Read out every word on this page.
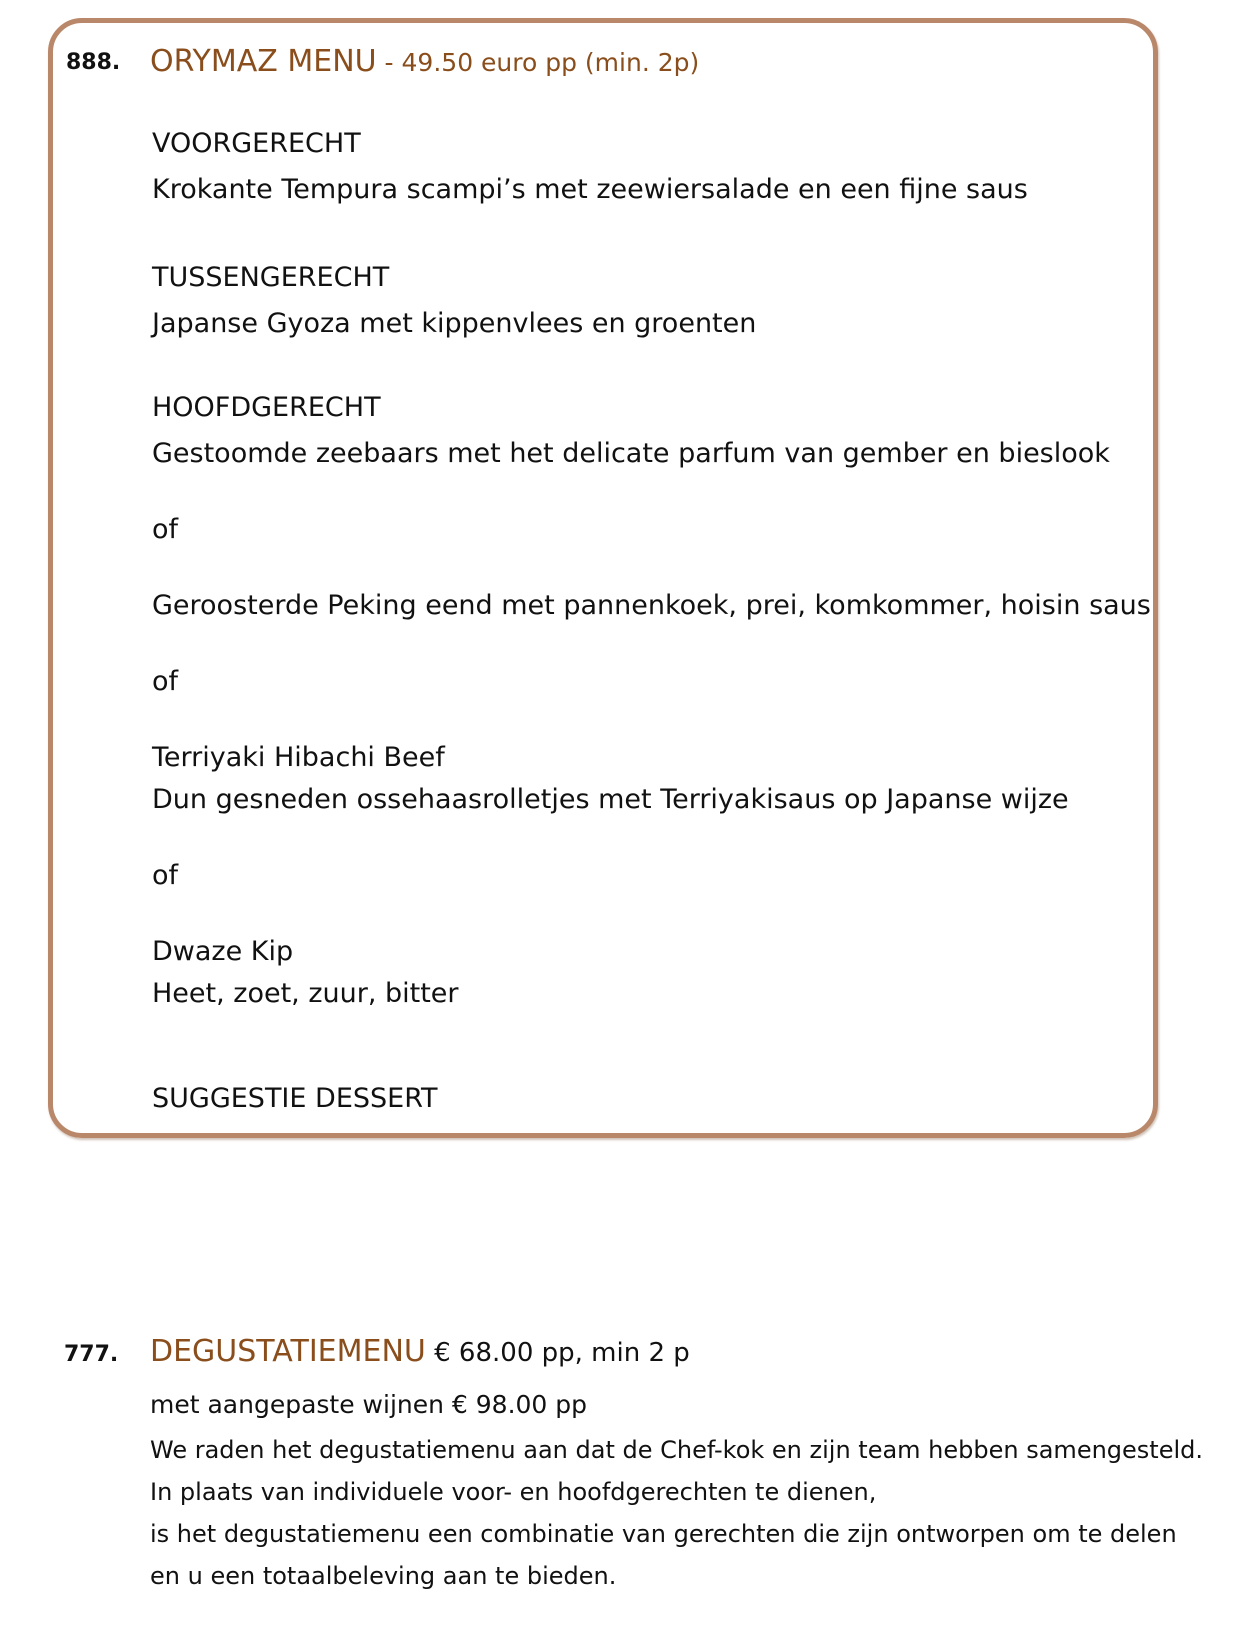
888. ORYMAZ MENU - 49.50 euro pp (min. 2p)
VOORGERECHT
Krokante Tempura scampi’s met zeewiersalade en een fijne saus
TUSSENGERECHT
Japanse Gyoza met kippenvlees en groenten
HOOFDGERECHT
Gestoomde zeebaars met het delicate parfum van gember en bieslook
of
Geroosterde Peking eend met pannenkoek, prei, komkommer, hoisin saus
of
Terriyaki Hibachi Beef
Dun gesneden ossehaasrolletjes met Terriyakisaus op Japanse wijze
of
Dwaze Kip
Heet, zoet, zuur, bitter
SUGGESTIE DESSERT
777. DEGUSTATIEMENU € 68.00 pp, min 2 p
met aangepaste wijnen € 98.00 pp
We raden het degustatiemenu aan dat de Chef-kok en zijn team hebben samengesteld.
In plaats van individuele voor- en hoofdgerechten te dienen,
is het degustatiemenu een combinatie van gerechten die zijn ontworpen om te delen
en u een totaalbeleving aan te bieden.
